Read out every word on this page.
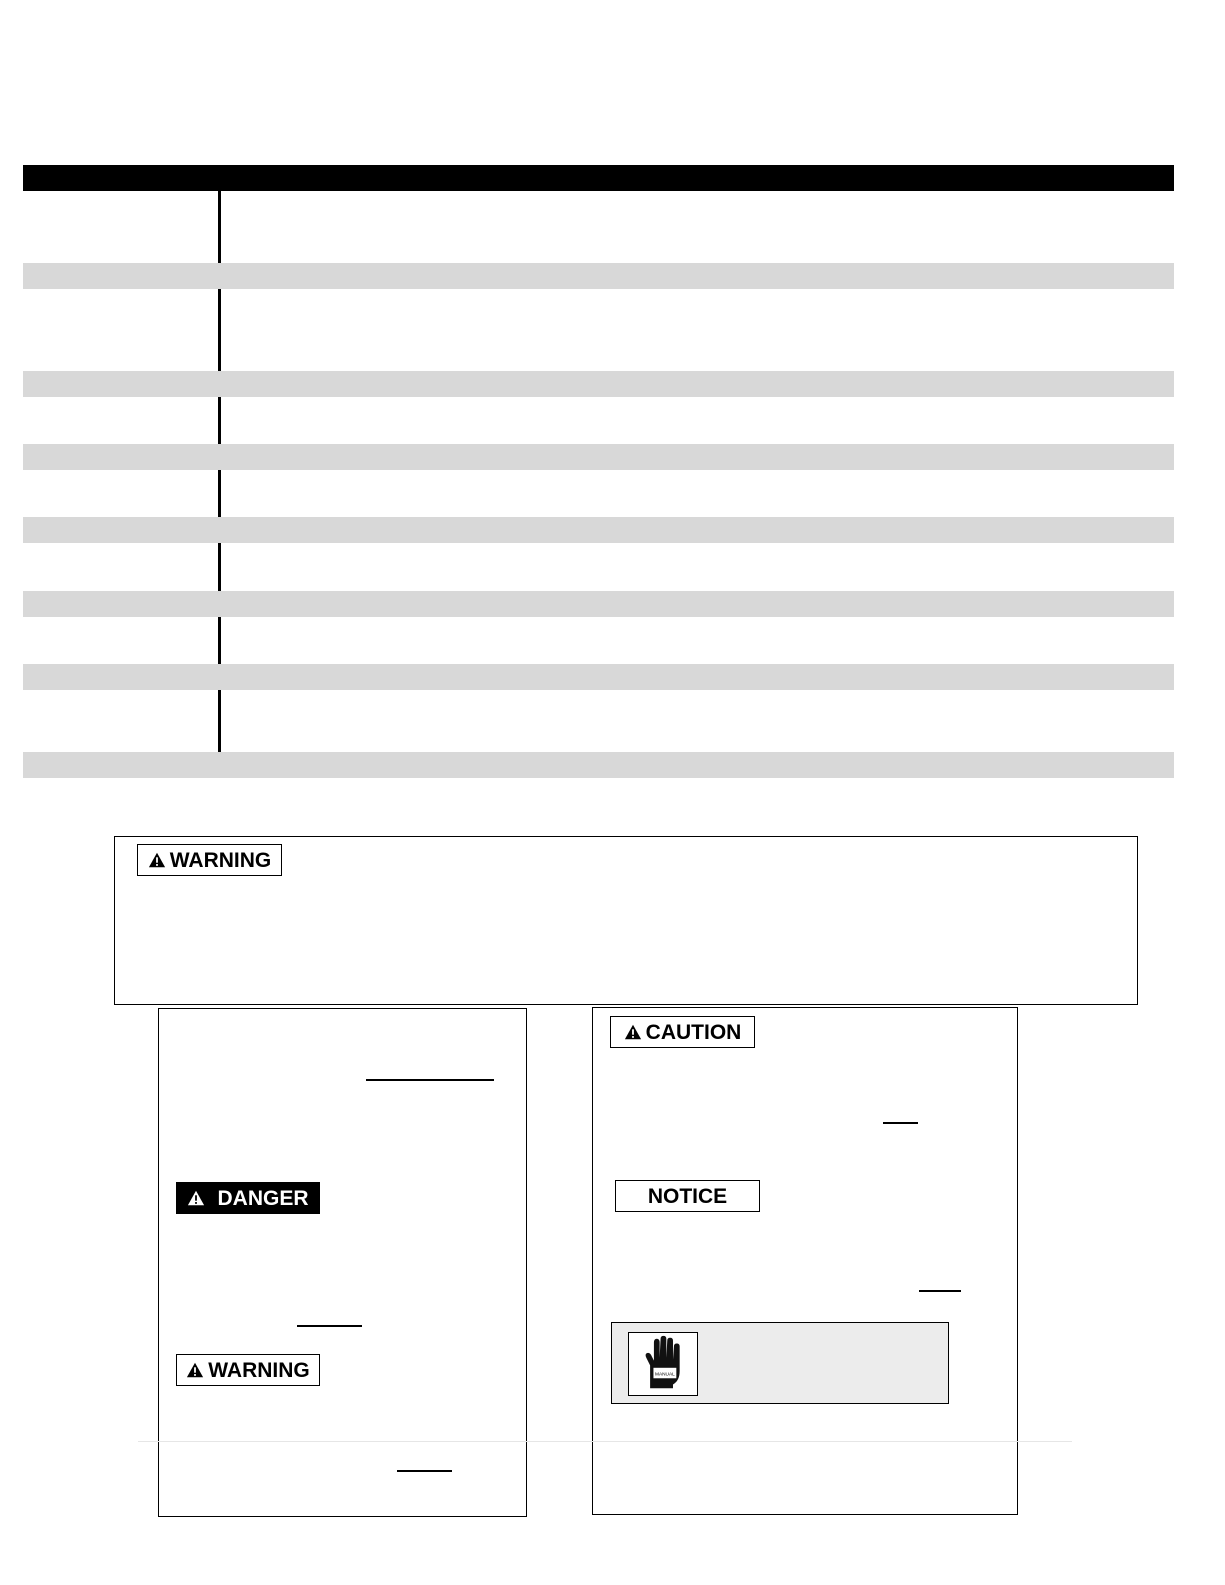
WARNING
DANGER
WARNING
CAUTION
NOTICE
MANUAL
